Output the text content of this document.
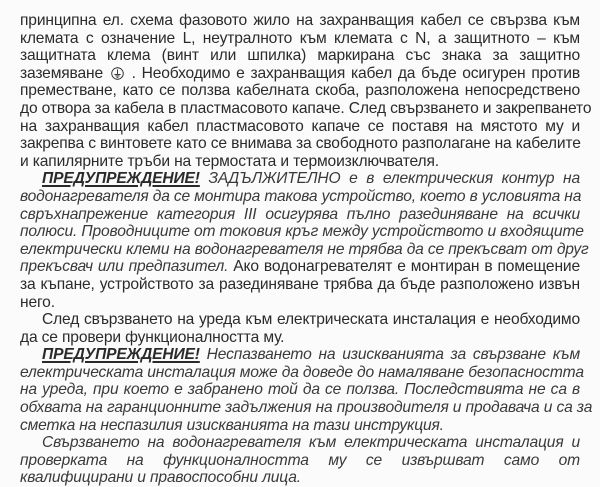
принципна ел. схема фазовото жило на захранващия кабел се свързва към
клемата с означение L, неутралното към клемата с N, а защитното – към
защитната клема (винт или шпилка) маркирана със знака за защитно
заземяване . Необходимо е захранващия кабел да бъде осигурен против
преместване, като се ползва кабелната скоба, разположена непосредствено
до отвора за кабела в пластмасовото капаче. След свързването и закрепването
на захранващия кабел пластмасовото капаче се поставя на мястото му и
закрепва с винтовете като се внимава за свободното разполагане на кабелите
и капилярните тръби на термостата и термоизключвателя.
ПРЕДУПРЕЖДЕНИЕ! ЗАДЪЛЖИТЕЛНО е в електрическия контур на
водонагревателя да се монтира такова устройство, което в условията на
свръхнапрежение категория III осигурява пълно разединяване на всички
полюси. Проводниците от токовия кръг между устройството и входящите
електрически клеми на водонагревателя не трябва да се прекъсват от друг
прекъсвач или предпазител. Ако водонагревателят е монтиран в помещение
за къпане, устройството за разединяване трябва да бъде разположено извън
него.
След свързването на уреда към електрическата инсталация е необходимо
да се провери функционалността му.
ПРЕДУПРЕЖДЕНИЕ! Неспазването на изискванията за свързване към
електрическата инсталация може да доведе до намаляване безопасността
на уреда, при което е забранено той да се ползва. Последствията не са в
обхвата на гаранционните задължения на производителя и продавача и са за
сметка на неспазилия изискванията на тази инструкция.
Свързването на водонагревателя към електрическата инсталация и
проверката на функционалността му се извършват само от
квалифицирани и правоспособни лица.
